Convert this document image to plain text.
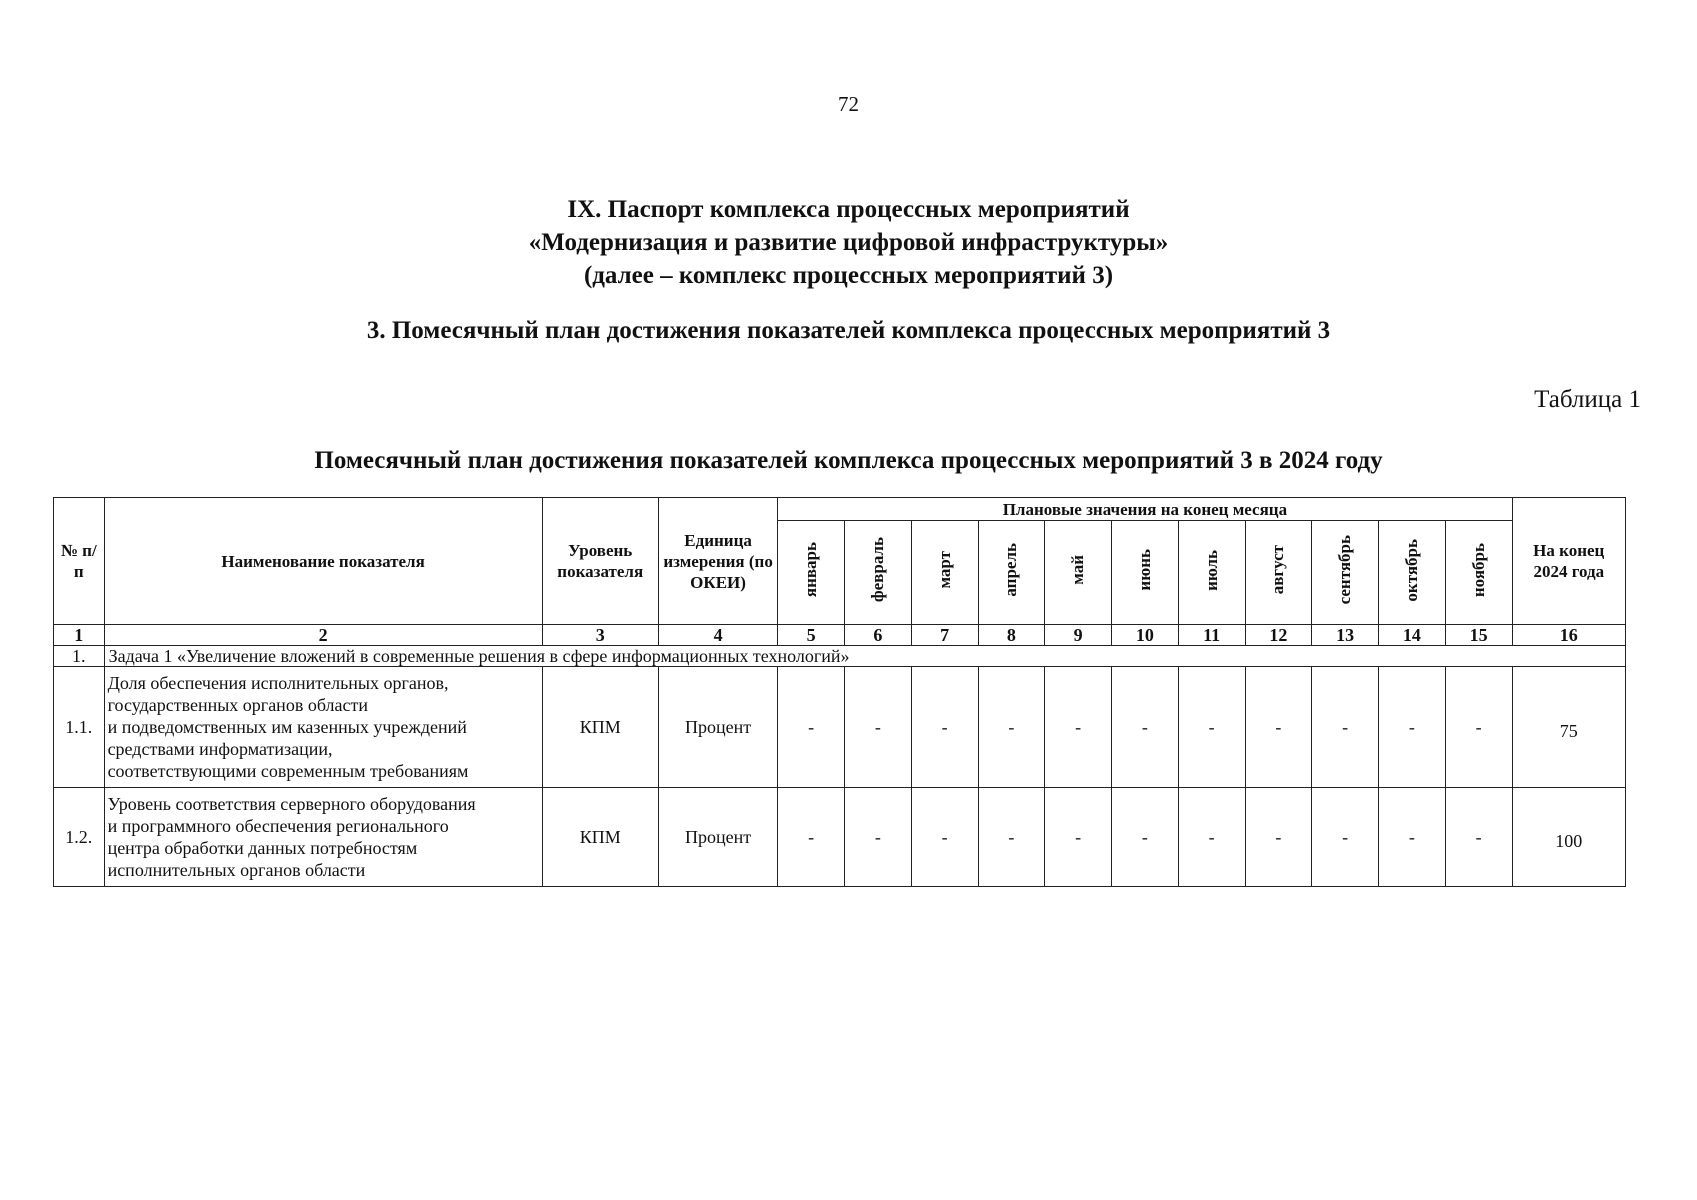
72
IX. Паспорт комплекса процессных мероприятий
«Модернизация и развитие цифровой инфраструктуры»
(далее – комплекс процессных мероприятий 3)
3. Помесячный план достижения показателей комплекса процессных мероприятий 3
Таблица 1
Помесячный план достижения показателей комплекса процессных мероприятий 3 в 2024 году
№ п/п	Наименование показателя	Уровень показателя	Единица измерения (по ОКЕИ)	Плановые значения на конец месяца											На конец 2024 года
				январь	февраль	март	апрель	май	июнь	июль	август	сентябрь	октябрь	ноябрь	
1	2	3	4	5	6	7	8	9	10	11	12	13	14	15	16
1.	Задача 1 «Увеличение вложений в современные решения в сфере информационных технологий»														
1.1.	Доля обеспечения исполнительных органов,
государственных органов области
и подведомственных им казенных учреждений
средствами информатизации,
соответствующими современным требованиям	КПМ	Процент	-	-	-	-	-	-	-	-	-	-	-	75
1.2.	Уровень соответствия серверного оборудования
и программного обеспечения регионального
центра обработки данных потребностям
исполнительных органов области	КПМ	Процент	-	-	-	-	-	-	-	-	-	-	-	100
